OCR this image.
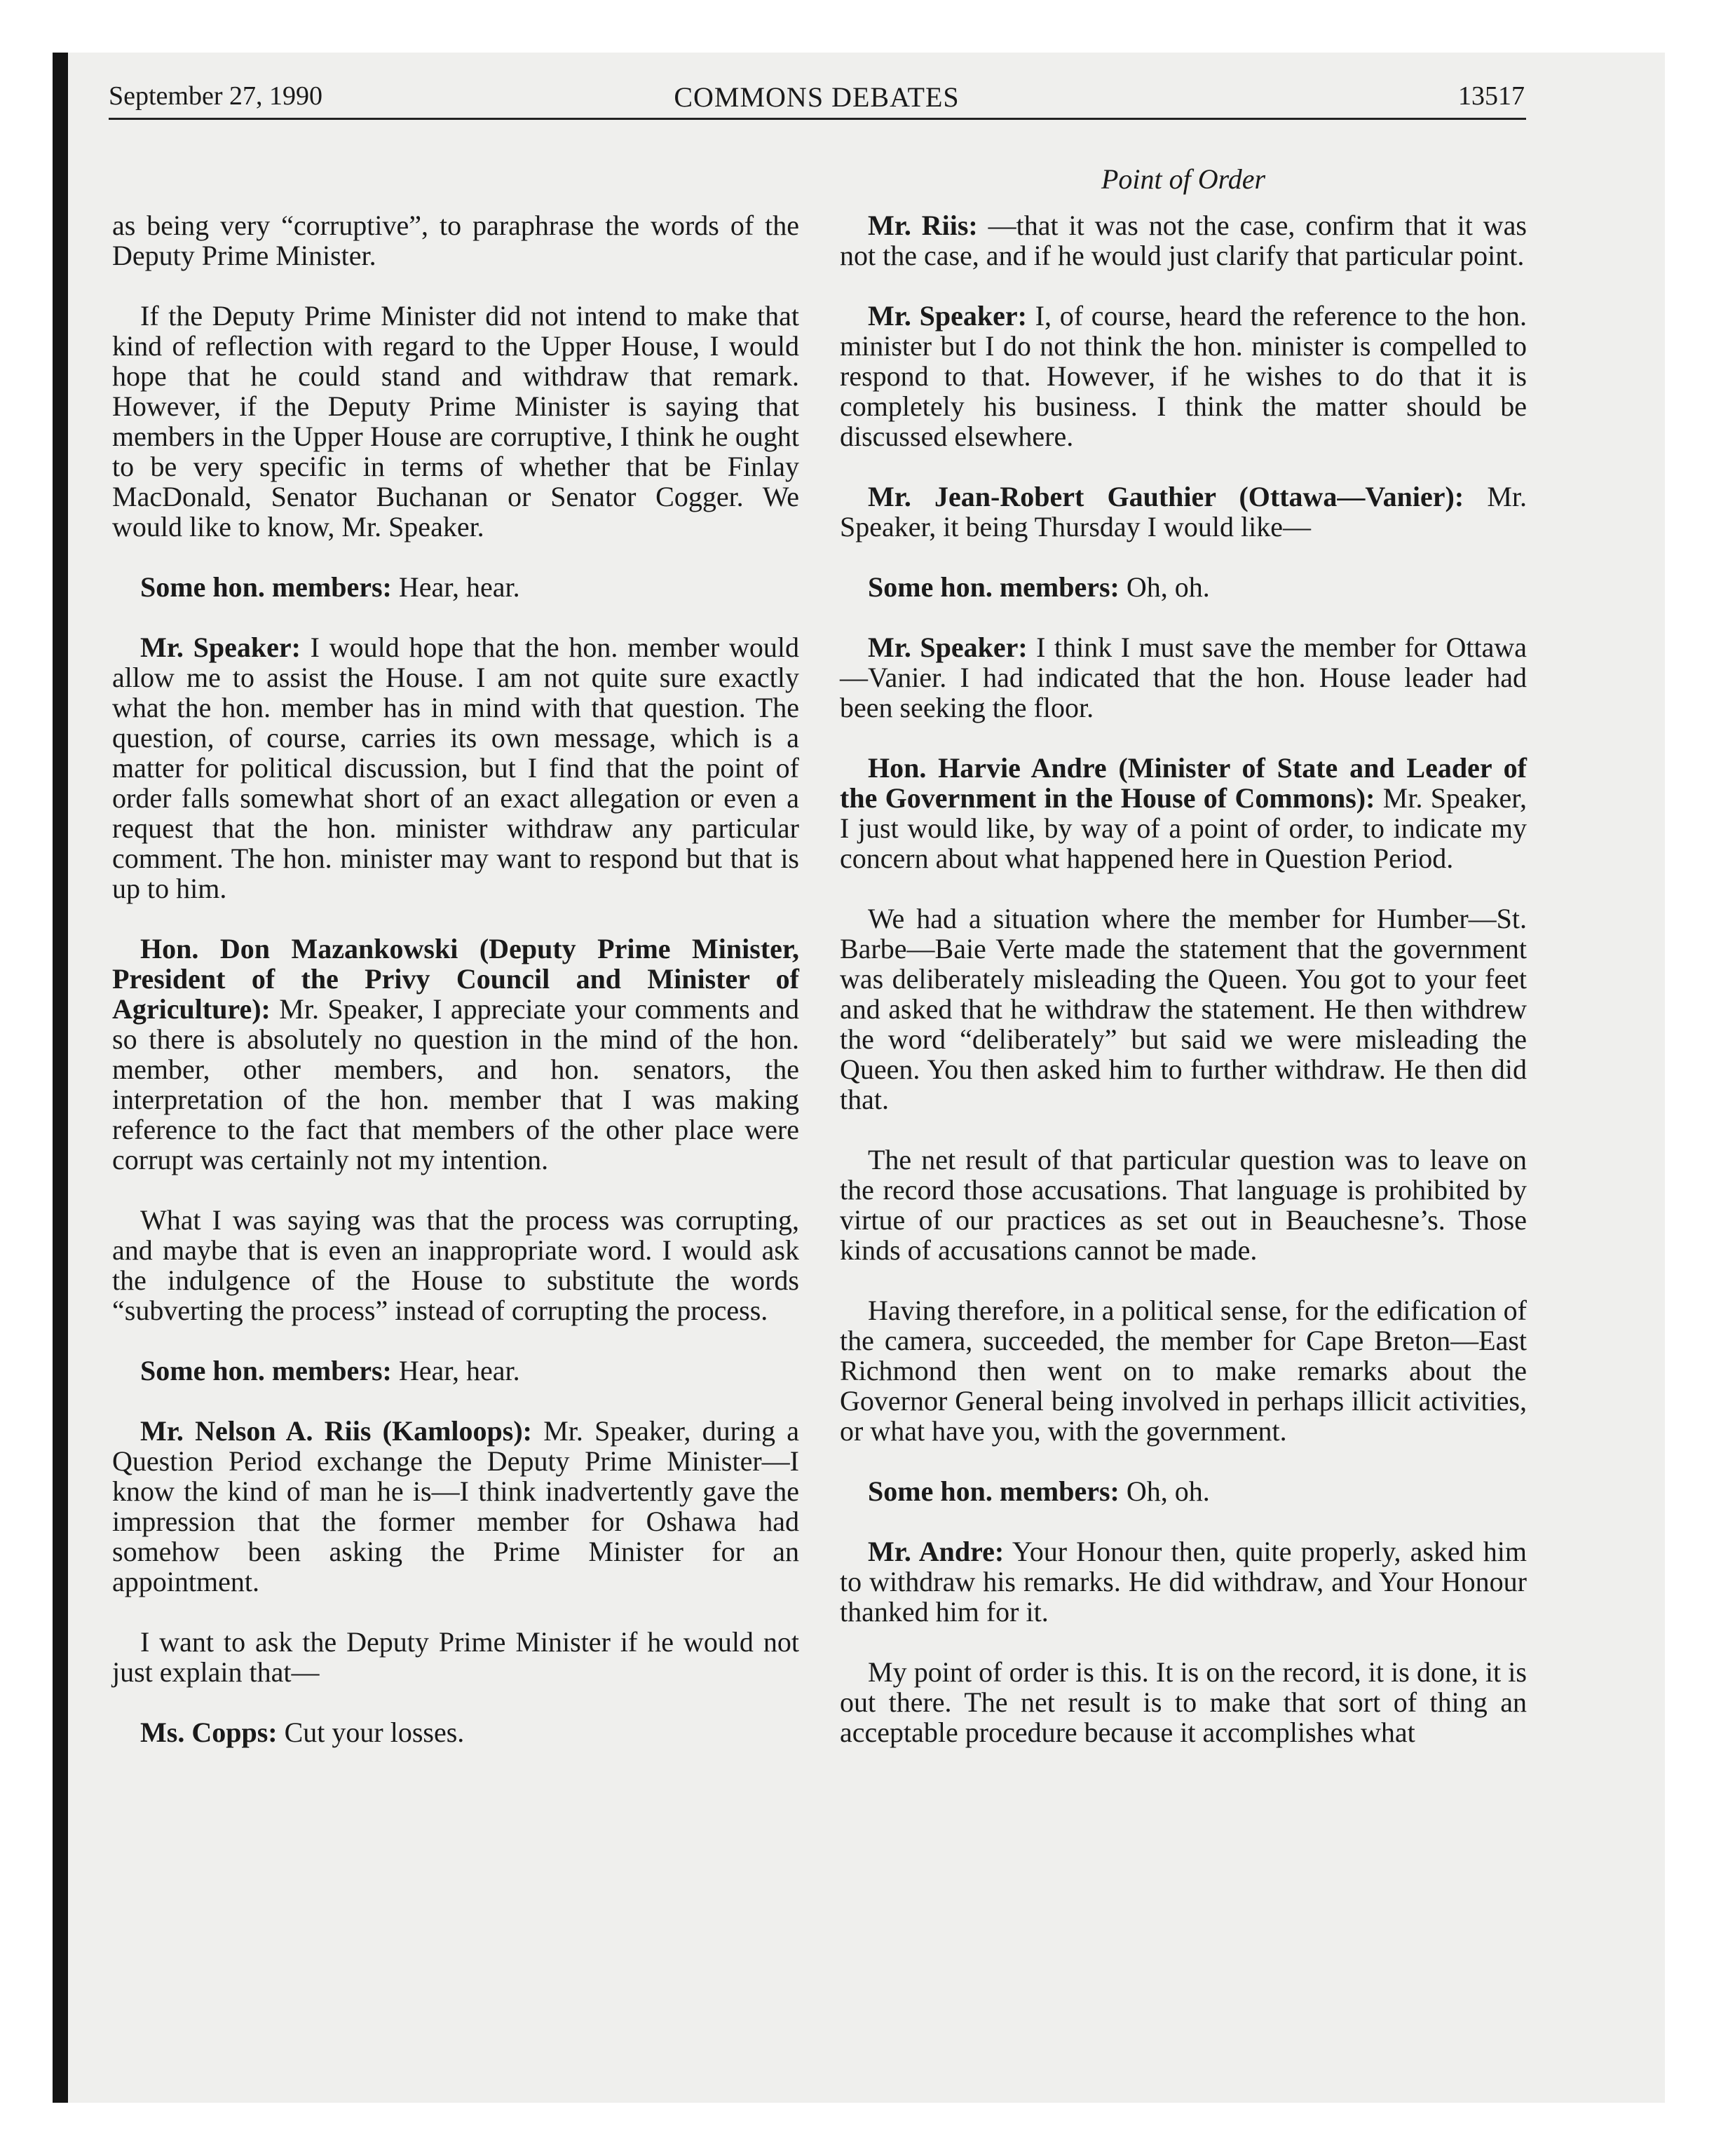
September 27, 1990	COMMONS DEBATES	13517
Point of Order

as being very “corruptive”, to paraphrase the words of the Deputy Prime Minister.

If the Deputy Prime Minister did not intend to make that kind of reflection with regard to the Upper House, I would hope that he could stand and withdraw that remark. However, if the Deputy Prime Minister is saying that members in the Upper House are corruptive, I think he ought to be very specific in terms of whether that be Finlay MacDonald, Senator Buchanan or Senator Cogger. We would like to know, Mr. Speaker.

Some hon. members: Hear, hear.

Mr. Speaker: I would hope that the hon. member would allow me to assist the House. I am not quite sure exactly what the hon. member has in mind with that question. The question, of course, carries its own message, which is a matter for political discussion, but I find that the point of order falls somewhat short of an exact allegation or even a request that the hon. minister withdraw any particular comment. The hon. minister may want to respond but that is up to him.

Hon. Don Mazankowski (Deputy Prime Minister, President of the Privy Council and Minister of Agriculture): Mr. Speaker, I appreciate your comments and so there is absolutely no question in the mind of the hon. member, other members, and hon. senators, the interpretation of the hon. member that I was making reference to the fact that members of the other place were corrupt was certainly not my intention.

What I was saying was that the process was corrupting, and maybe that is even an inappropriate word. I would ask the indulgence of the House to substitute the words “subverting the process” instead of corrupting the process.

Some hon. members: Hear, hear.

Mr. Nelson A. Riis (Kamloops): Mr. Speaker, during a Question Period exchange the Deputy Prime Minister—I know the kind of man he is—I think inadvertently gave the impression that the former member for Oshawa had somehow been asking the Prime Minister for an appointment.

I want to ask the Deputy Prime Minister if he would not just explain that—

Ms. Copps: Cut your losses.

Mr. Riis: —that it was not the case, confirm that it was not the case, and if he would just clarify that particular point.

Mr. Speaker: I, of course, heard the reference to the hon. minister but I do not think the hon. minister is compelled to respond to that. However, if he wishes to do that it is completely his business. I think the matter should be discussed elsewhere.

Mr. Jean-Robert Gauthier (Ottawa—Vanier): Mr. Speaker, it being Thursday I would like—

Some hon. members: Oh, oh.

Mr. Speaker: I think I must save the member for Ottawa—Vanier. I had indicated that the hon. House leader had been seeking the floor.

Hon. Harvie Andre (Minister of State and Leader of the Government in the House of Commons): Mr. Speaker, I just would like, by way of a point of order, to indicate my concern about what happened here in Question Period.

We had a situation where the member for Humber—St. Barbe—Baie Verte made the statement that the government was deliberately misleading the Queen. You got to your feet and asked that he withdraw the statement. He then withdrew the word “deliberately” but said we were misleading the Queen. You then asked him to further withdraw. He then did that.

The net result of that particular question was to leave on the record those accusations. That language is prohibited by virtue of our practices as set out in Beauchesne’s. Those kinds of accusations cannot be made.

Having therefore, in a political sense, for the edification of the camera, succeeded, the member for Cape Breton—East Richmond then went on to make remarks about the Governor General being involved in perhaps illicit activities, or what have you, with the government.

Some hon. members: Oh, oh.

Mr. Andre: Your Honour then, quite properly, asked him to withdraw his remarks. He did withdraw, and Your Honour thanked him for it.

My point of order is this. It is on the record, it is done, it is out there. The net result is to make that sort of thing an acceptable procedure because it accomplishes what
